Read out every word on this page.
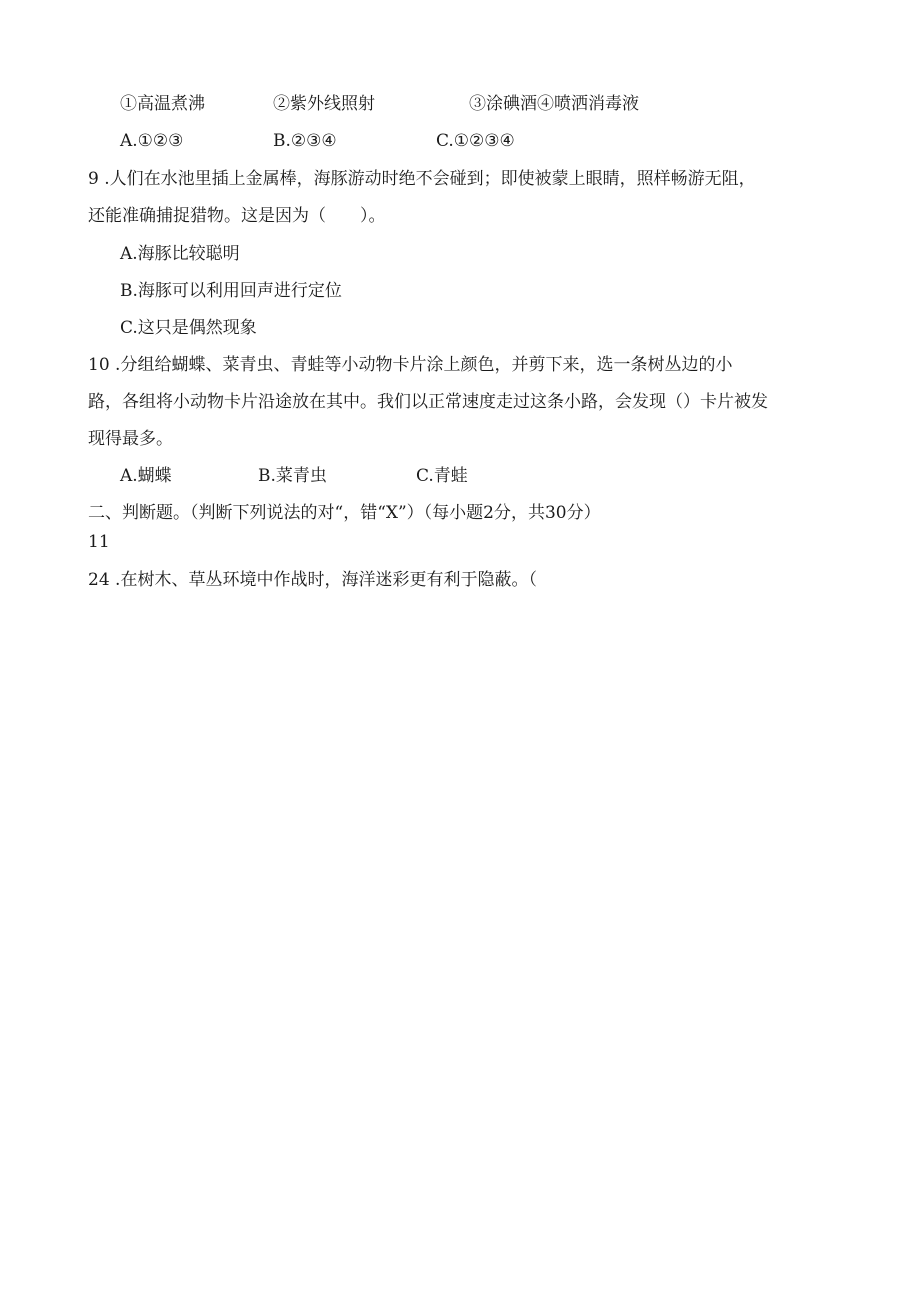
①高温煮沸	②紫外线照射	③涂碘酒④喷洒消毒液
A.①②③	B.②③④	C.①②③④
9 .人们在水池里插上金属棒，海豚游动时绝不会碰到；即使被蒙上眼睛，照样畅游无阻，
还能准确捕捉猎物。这是因为（　　）。
A.海豚比较聪明
B.海豚可以利用回声进行定位
C.这只是偶然现象
10 .分组给蝴蝶、菜青虫、青蛙等小动物卡片涂上颜色，并剪下来，选一条树丛边的小
路，各组将小动物卡片沿途放在其中。我们以正常速度走过这条小路，会发现（）卡片被发
现得最多。
A.蝴蝶	B.菜青虫	C.青蛙
二、判断题。（判断下列说法的对“，错“X”）（每小题2分，共30分）
11
24 .在树木、草丛环境中作战时，海洋迷彩更有利于隐蔽。（
